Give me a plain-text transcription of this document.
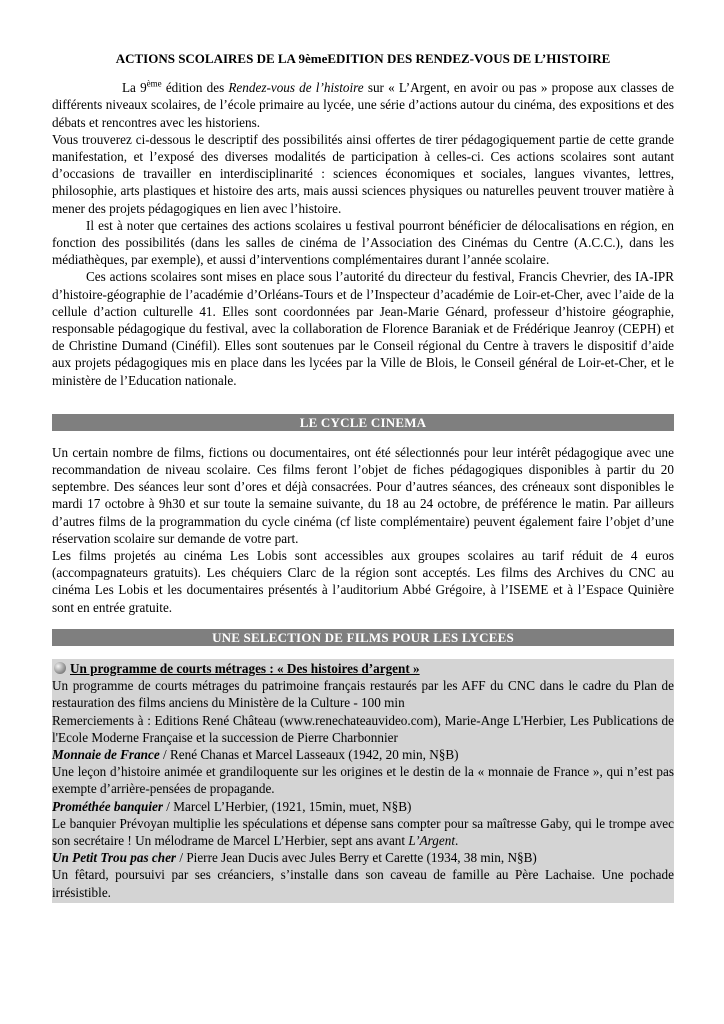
ACTIONS SCOLAIRES DE LA 9èmeEDITION DES RENDEZ-VOUS DE L’HISTOIRE

La 9ème édition des Rendez-vous de l’histoire sur « L’Argent, en avoir ou pas » propose aux classes de différents niveaux scolaires, de l’école primaire au lycée, une série d’actions autour du cinéma, des expositions et des débats et rencontres avec les historiens.

Vous trouverez ci-dessous le descriptif des possibilités ainsi offertes de tirer pédagogiquement partie de cette grande manifestation, et l’exposé des diverses modalités de participation à celles-ci. Ces actions scolaires sont autant d’occasions de travailler en interdisciplinarité : sciences économiques et sociales, langues vivantes, lettres, philosophie, arts plastiques et histoire des arts, mais aussi sciences physiques ou naturelles peuvent trouver matière à mener des projets pédagogiques en lien avec l’histoire.

Il est à noter que certaines des actions scolaires u festival pourront bénéficier de délocalisations en région, en fonction des possibilités (dans les salles de cinéma de l’Association des Cinémas du Centre (A.C.C.), dans les médiathèques, par exemple), et aussi d’interventions complémentaires durant l’année scolaire.

Ces actions scolaires sont mises en place sous l’autorité du directeur du festival, Francis Chevrier, des IA-IPR d’histoire-géographie de l’académie d’Orléans-Tours et de l’Inspecteur d’académie de Loir-et-Cher, avec l’aide de la cellule d’action culturelle 41. Elles sont coordonnées par Jean-Marie Génard, professeur d’histoire géographie, responsable pédagogique du festival, avec la collaboration de Florence Baraniak et de Frédérique Jeanroy (CEPH) et de Christine Dumand (Cinéfil). Elles sont soutenues par le Conseil régional du Centre à travers le dispositif d’aide aux projets pédagogiques mis en place dans les lycées par la Ville de Blois, le Conseil général de Loir-et-Cher, et le ministère de l’Education nationale.

LE CYCLE CINEMA

Un certain nombre de films, fictions ou documentaires, ont été sélectionnés pour leur intérêt pédagogique avec une recommandation de niveau scolaire. Ces films feront l’objet de fiches pédagogiques disponibles à partir du 20 septembre. Des séances leur sont d’ores et déjà consacrées. Pour d’autres séances, des créneaux sont disponibles le mardi 17 octobre à 9h30 et sur toute la semaine suivante, du 18 au 24 octobre, de préférence le matin. Par ailleurs d’autres films de la programmation du cycle cinéma (cf liste complémentaire) peuvent également faire l’objet d’une réservation scolaire sur demande de votre part.

Les films projetés au cinéma Les Lobis sont accessibles aux groupes scolaires au tarif réduit de 4 euros (accompagnateurs gratuits). Les chéquiers Clarc de la région sont acceptés. Les films des Archives du CNC au cinéma Les Lobis et les documentaires présentés à l’auditorium Abbé Grégoire, à l’ISEME et à l’Espace Quinière sont en entrée gratuite.

UNE SELECTION DE FILMS POUR LES LYCEES

Un programme de courts métrages : « Des histoires d’argent »

Un programme de courts métrages du patrimoine français restaurés par les AFF du CNC dans le cadre du Plan de restauration des films anciens du Ministère de la Culture - 100 min

Remerciements à : Editions René Château (www.renechateauvideo.com), Marie-Ange L'Herbier, Les Publications de l'Ecole Moderne Française et la succession de Pierre Charbonnier

Monnaie de France / René Chanas et Marcel Lasseaux (1942, 20 min, N§B)

Une leçon d’histoire animée et grandiloquente sur les origines et le destin de la « monnaie de France », qui n’est pas exempte d’arrière-pensées de propagande.

Prométhée banquier / Marcel L’Herbier, (1921, 15min, muet, N§B)

Le banquier Prévoyan multiplie les spéculations et dépense sans compter pour sa maîtresse Gaby, qui le trompe avec son secrétaire ! Un mélodrame de Marcel L’Herbier, sept ans avant L’Argent.

Un Petit Trou pas cher / Pierre Jean Ducis avec Jules Berry et Carette (1934, 38 min, N§B)

Un fêtard, poursuivi par ses créanciers, s’installe dans son caveau de famille au Père Lachaise. Une pochade irrésistible.
